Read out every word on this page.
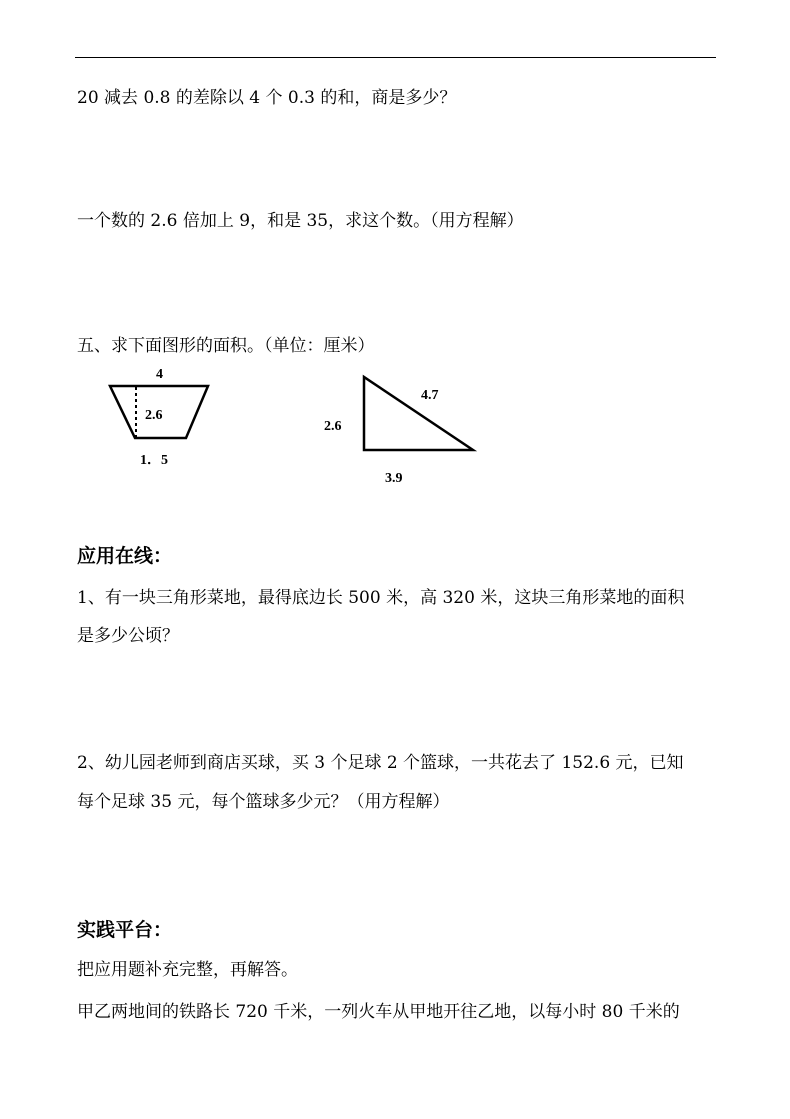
20 减去 0.8 的差除以 4 个 0.3 的和，商是多少？
一个数的 2.6 倍加上 9，和是 35，求这个数。（用方程解）
五、求下面图形的面积。（单位：厘米）
4
2.6
1．5
4.7
2.6
3.9
应用在线：
1、有一块三角形菜地，最得底边长 500 米，高 320 米，这块三角形菜地的面积
是多少公顷？
2、幼儿园老师到商店买球，买 3 个足球 2 个篮球，一共花去了 152.6 元，已知
每个足球 35 元，每个篮球多少元？（用方程解）
实践平台：
把应用题补充完整，再解答。
甲乙两地间的铁路长 720 千米，一列火车从甲地开往乙地，以每小时 80 千米的
